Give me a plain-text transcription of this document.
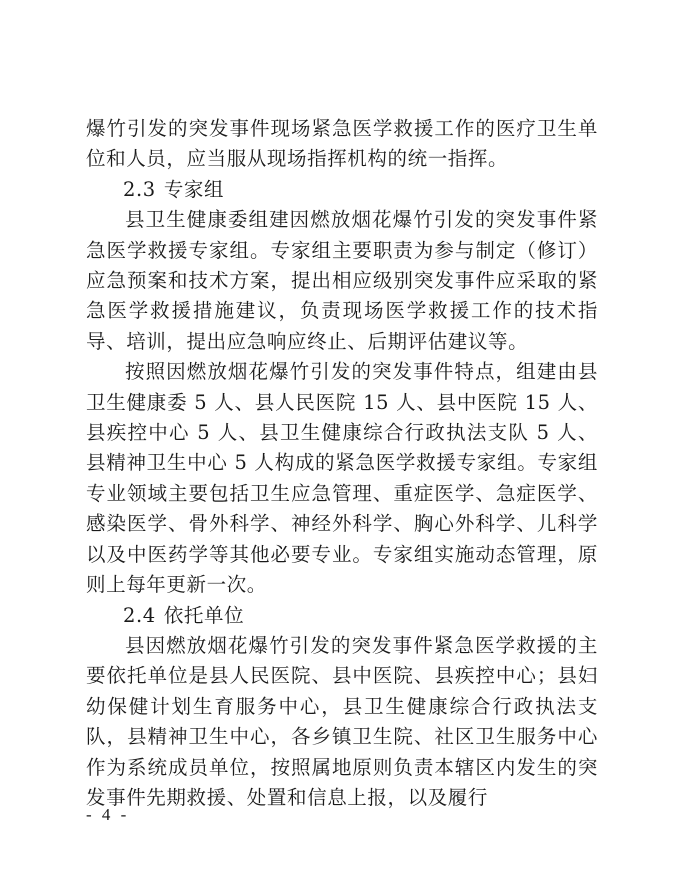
爆竹引发的突发事件现场紧急医学救援工作的医疗卫生单位和人员，应当服从现场指挥机构的统一指挥。

2.3 专家组

县卫生健康委组建因燃放烟花爆竹引发的突发事件紧急医学救援专家组。专家组主要职责为参与制定（修订）应急预案和技术方案，提出相应级别突发事件应采取的紧急医学救援措施建议，负责现场医学救援工作的技术指导、培训，提出应急响应终止、后期评估建议等。

按照因燃放烟花爆竹引发的突发事件特点，组建由县卫生健康委 5 人、县人民医院 15 人、县中医院 15 人、县疾控中心 5 人、县卫生健康综合行政执法支队 5 人、县精神卫生中心 5 人构成的紧急医学救援专家组。专家组专业领域主要包括卫生应急管理、重症医学、急症医学、感染医学、骨外科学、神经外科学、胸心外科学、儿科学以及中医药学等其他必要专业。专家组实施动态管理，原则上每年更新一次。

2.4 依托单位

县因燃放烟花爆竹引发的突发事件紧急医学救援的主要依托单位是县人民医院、县中医院、县疾控中心；县妇幼保健计划生育服务中心，县卫生健康综合行政执法支队，县精神卫生中心，各乡镇卫生院、社区卫生服务中心作为系统成员单位，按照属地原则负责本辖区内发生的突发事件先期救援、处置和信息上报，以及履行

- 4 -
